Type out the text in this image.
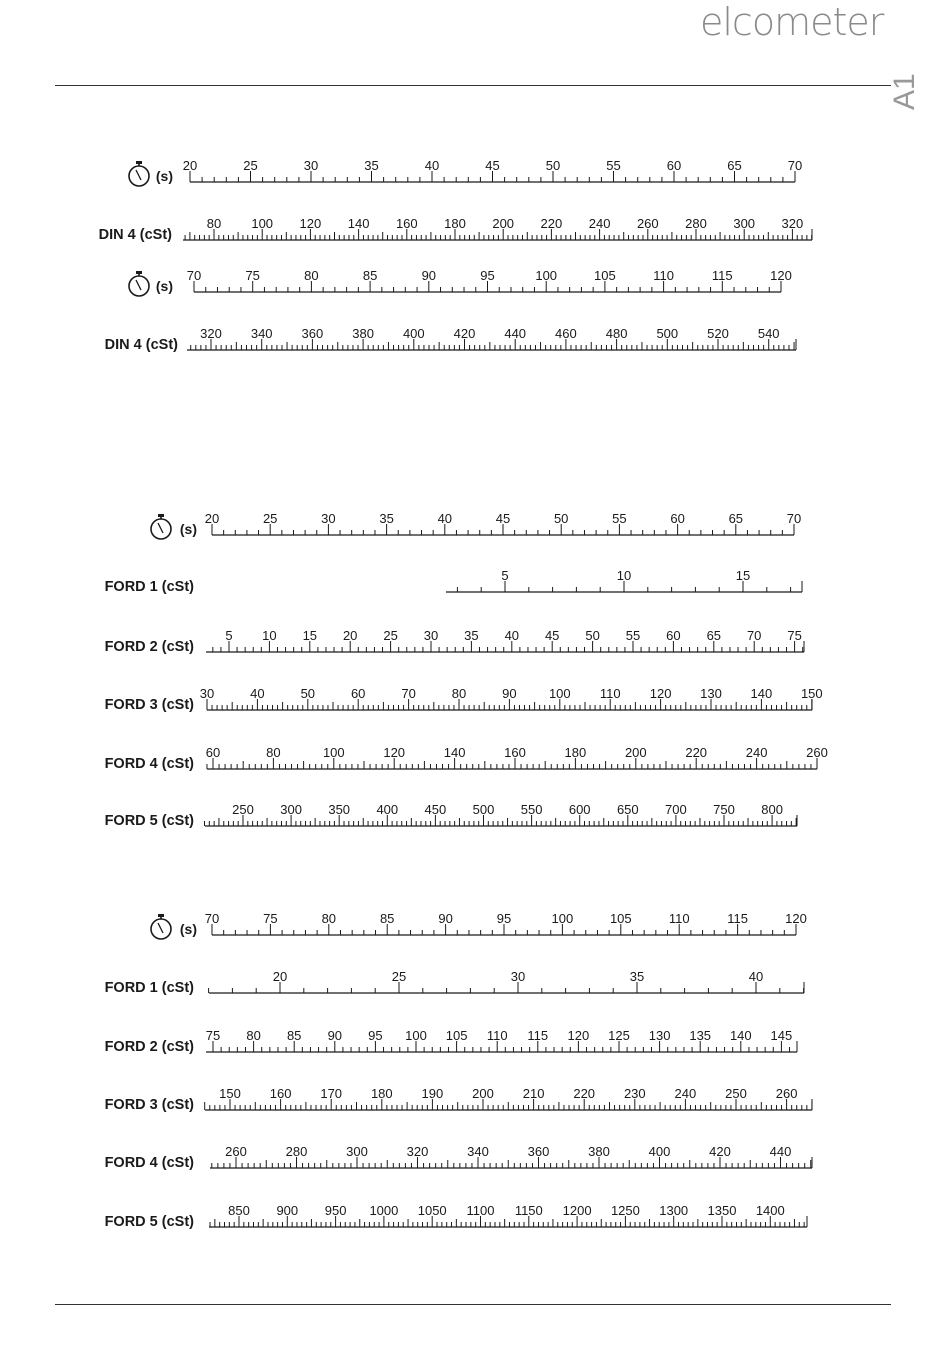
elcometer
A1
(s)
20	25	30	35	40	45	50	55	60	65	70
DIN 4 (cSt)
80 100 120 140 160 180 200 220 240 260 280 300 320
(s)
70	75	80	85	90	95	100	105	110	115	120
DIN 4 (cSt)
320 340 360 380 400 420 440 460 480 500 520 540
(s)
20	25	30	35	40	45	50	55	60	65	70
FORD 1 (cSt)
5	10	15
FORD 2 (cSt)
5 10 15 20 25 30 35 40 45 50 55 60 65 70 75
FORD 3 (cSt)
30	40	50	60	70	80	90 100 110 120 130 140 150
FORD 4 (cSt)
60	80	100	120	140	160	180	200	220	240	260
FORD 5 (cSt)
250 300 350 400 450 500 550 600 650 700 750 800
(s)
70	75	80	85	90	95	100	105	110	115	120
FORD 1 (cSt)
20	25	30	35	40
FORD 2 (cSt)
75 80 85 90 95 100 105 110 115 120 125 130 135 140 145
FORD 3 (cSt)
150 160 170 180 190 200 210 220 230 240 250 260
FORD 4 (cSt)
260	280	300	320	340	360	380	400	420	440
FORD 5 (cSt)
850 900 950 1000 1050 1100 1150 1200 1250 1300 1350 1400
